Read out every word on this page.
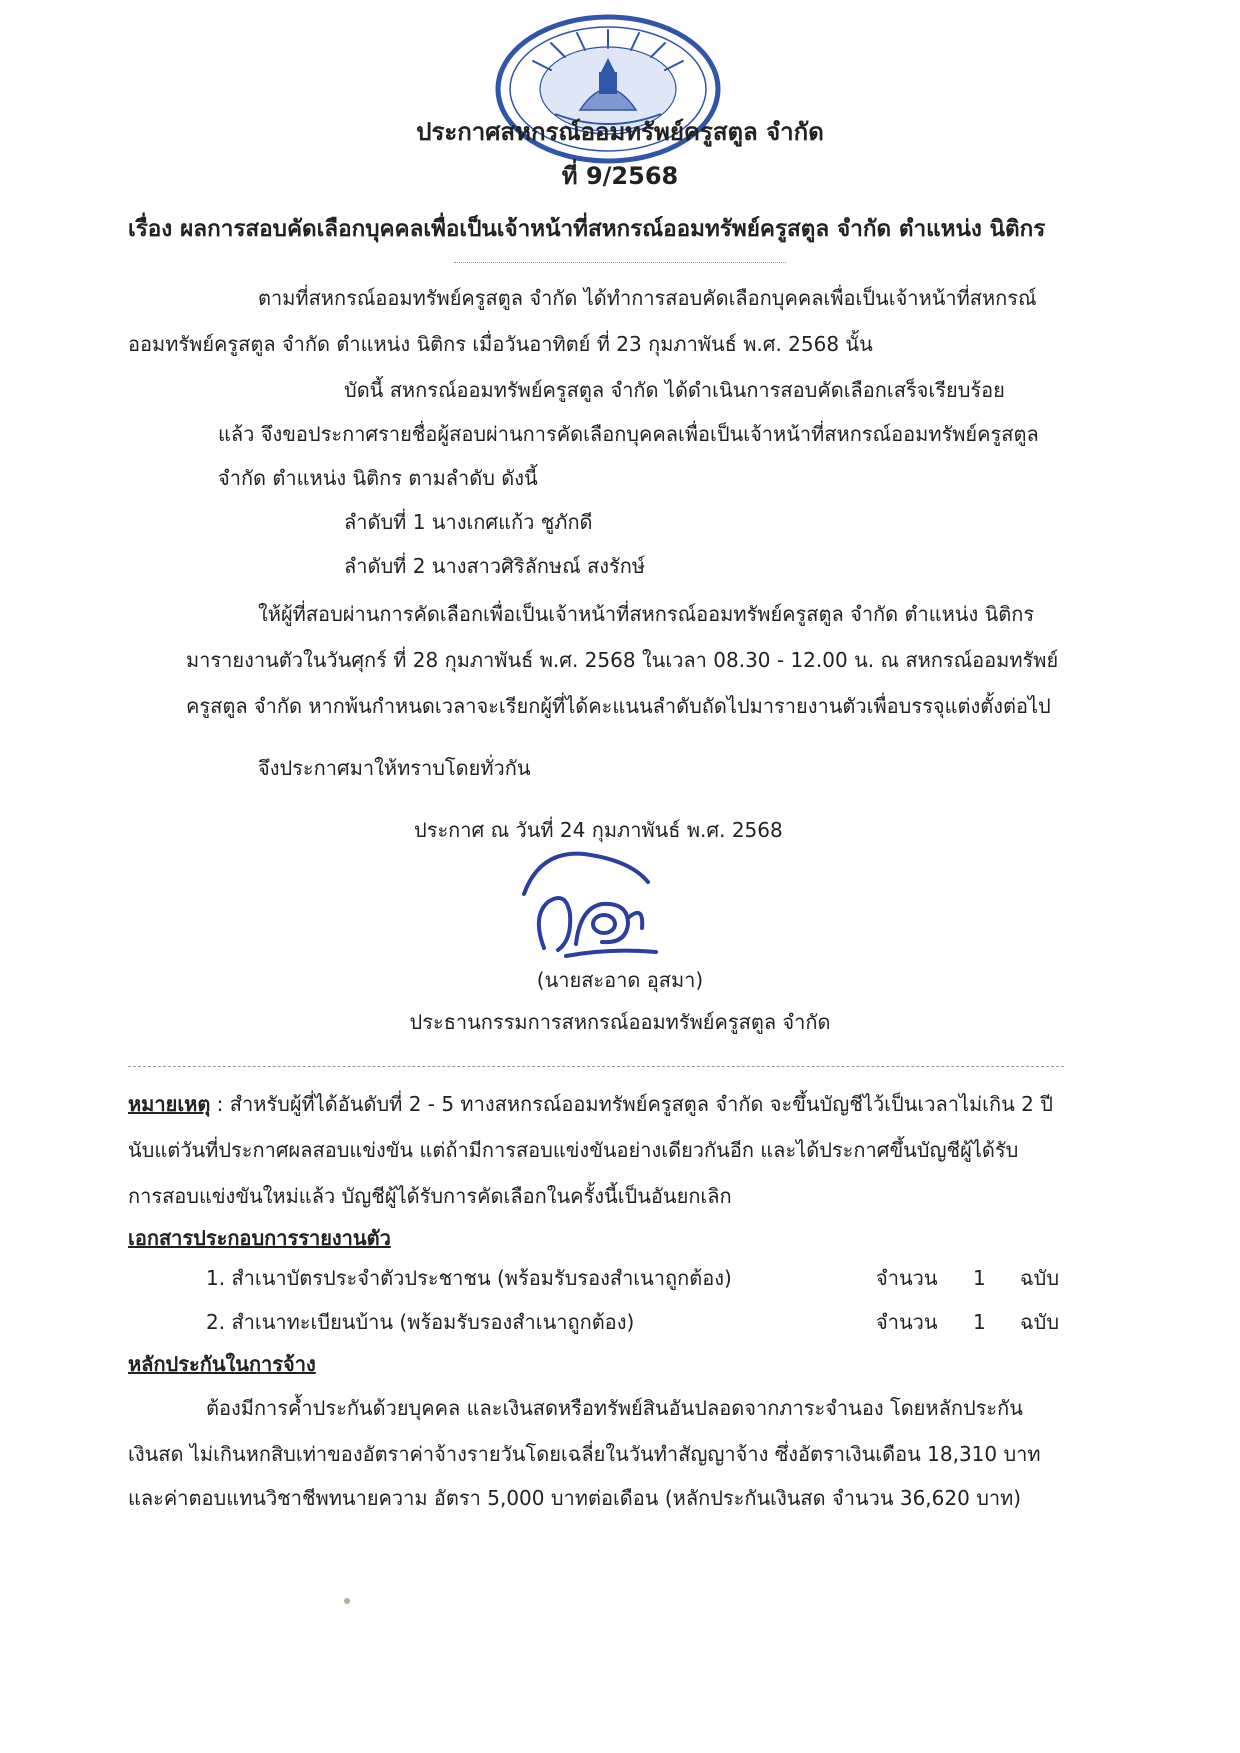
ประกาศสหกรณ์ออมทรัพย์ครูสตูล จำกัด
ที่ 9/2568
เรื่อง ผลการสอบคัดเลือกบุคคลเพื่อเป็นเจ้าหน้าที่สหกรณ์ออมทรัพย์ครูสตูล จำกัด ตำแหน่ง นิติกร
ตามที่สหกรณ์ออมทรัพย์ครูสตูล จำกัด ได้ทำการสอบคัดเลือกบุคคลเพื่อเป็นเจ้าหน้าที่สหกรณ์
ออมทรัพย์ครูสตูล จำกัด ตำแหน่ง นิติกร เมื่อวันอาทิตย์ ที่ 23 กุมภาพันธ์ พ.ศ. 2568 นั้น
บัดนี้ สหกรณ์ออมทรัพย์ครูสตูล จำกัด ได้ดำเนินการสอบคัดเลือกเสร็จเรียบร้อย
แล้ว จึงขอประกาศรายชื่อผู้สอบผ่านการคัดเลือกบุคคลเพื่อเป็นเจ้าหน้าที่สหกรณ์ออมทรัพย์ครูสตูล
จำกัด ตำแหน่ง นิติกร ตามลำดับ ดังนี้
ลำดับที่ 1 นางเกศแก้ว ชูภักดี
ลำดับที่ 2 นางสาวศิริลักษณ์ สงรักษ์
ให้ผู้ที่สอบผ่านการคัดเลือกเพื่อเป็นเจ้าหน้าที่สหกรณ์ออมทรัพย์ครูสตูล จำกัด ตำแหน่ง นิติกร
มารายงานตัวในวันศุกร์ ที่ 28 กุมภาพันธ์ พ.ศ. 2568 ในเวลา 08.30 - 12.00 น. ณ สหกรณ์ออมทรัพย์
ครูสตูล จำกัด หากพ้นกำหนดเวลาจะเรียกผู้ที่ได้คะแนนลำดับถัดไปมารายงานตัวเพื่อบรรจุแต่งตั้งต่อไป
จึงประกาศมาให้ทราบโดยทั่วกัน
ประกาศ ณ วันที่ 24 กุมภาพันธ์ พ.ศ. 2568
(นายสะอาด อุสมา)
ประธานกรรมการสหกรณ์ออมทรัพย์ครูสตูล จำกัด
หมายเหตุ : สำหรับผู้ที่ได้อันดับที่ 2 - 5 ทางสหกรณ์ออมทรัพย์ครูสตูล จำกัด จะขึ้นบัญชีไว้เป็นเวลาไม่เกิน 2 ปี
นับแต่วันที่ประกาศผลสอบแข่งขัน แต่ถ้ามีการสอบแข่งขันอย่างเดียวกันอีก และได้ประกาศขึ้นบัญชีผู้ได้รับ
การสอบแข่งขันใหม่แล้ว บัญชีผู้ได้รับการคัดเลือกในครั้งนี้เป็นอันยกเลิก
เอกสารประกอบการรายงานตัว
1. สำเนาบัตรประจำตัวประชาชน (พร้อมรับรองสำเนาถูกต้อง)	จำนวน 1 ฉบับ
2. สำเนาทะเบียนบ้าน (พร้อมรับรองสำเนาถูกต้อง)	จำนวน 1 ฉบับ
หลักประกันในการจ้าง
ต้องมีการค้ำประกันด้วยบุคคล และเงินสดหรือทรัพย์สินอันปลอดจากภาระจำนอง โดยหลักประกัน
เงินสด ไม่เกินหกสิบเท่าของอัตราค่าจ้างรายวันโดยเฉลี่ยในวันทำสัญญาจ้าง ซึ่งอัตราเงินเดือน 18,310 บาท
และค่าตอบแทนวิชาชีพทนายความ อัตรา 5,000 บาทต่อเดือน (หลักประกันเงินสด จำนวน 36,620 บาท)
